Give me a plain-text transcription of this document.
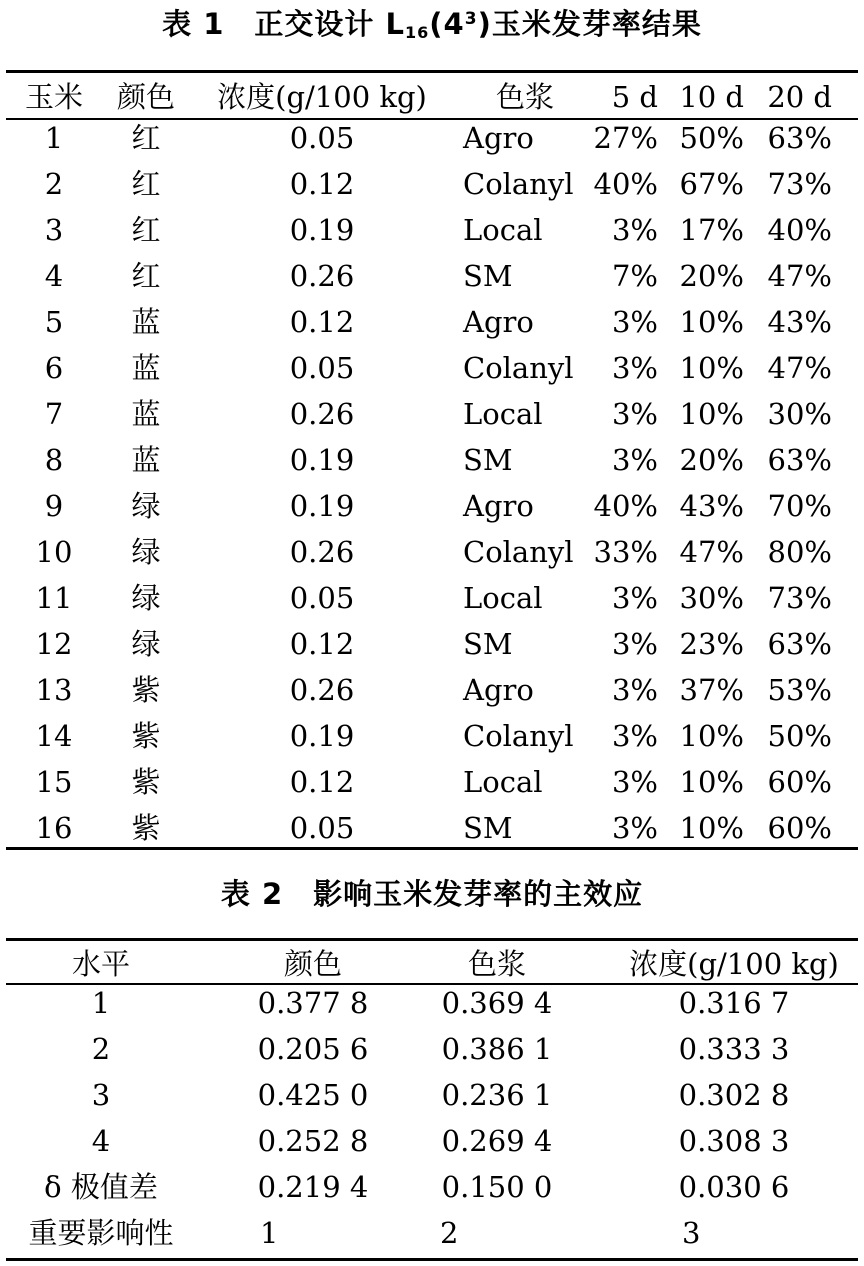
表 1　正交设计 $L_{16}(4^3)$玉米发芽率结果
玉米	颜色	浓度(g/100 kg)	色浆	5 d 10 d 20 d
1	红	0.05	Agro	27% 50% 63%
2	红	0.12	Colanyl 40% 67% 73%
3	红	0.19	Local	3% 17% 40%
4	红	0.26	SM	7% 20% 47%
5	蓝	0.12	Agro	3% 10% 43%
6	蓝	0.05	Colanyl	3% 10% 47%
7	蓝	0.26	Local	3% 10% 30%
8	蓝	0.19	SM	3% 20% 63%
9	绿	0.19	Agro	40% 43% 70%
10	绿	0.26	Colanyl 33% 47% 80%
11	绿	0.05	Local	3% 30% 73%
12	绿	0.12	SM	3% 23% 63%
13	紫	0.26	Agro	3% 37% 53%
14	紫	0.19	Colanyl	3% 10% 50%
15	紫	0.12	Local	3% 10% 60%
16	紫	0.05	SM	3% 10% 60%
表 2　影响玉米发芽率的主效应
水平	颜色	色浆	浓度(g/100 kg)
1	0.377 8	0.369 4	0.316 7
2	0.205 6	0.386 1	0.333 3
3	0.425 0	0.236 1	0.302 8
4	0.252 8	0.269 4	0.308 3
δ 极值差	0.219 4	0.150 0	0.030 6
重要影响性	1	2	3
